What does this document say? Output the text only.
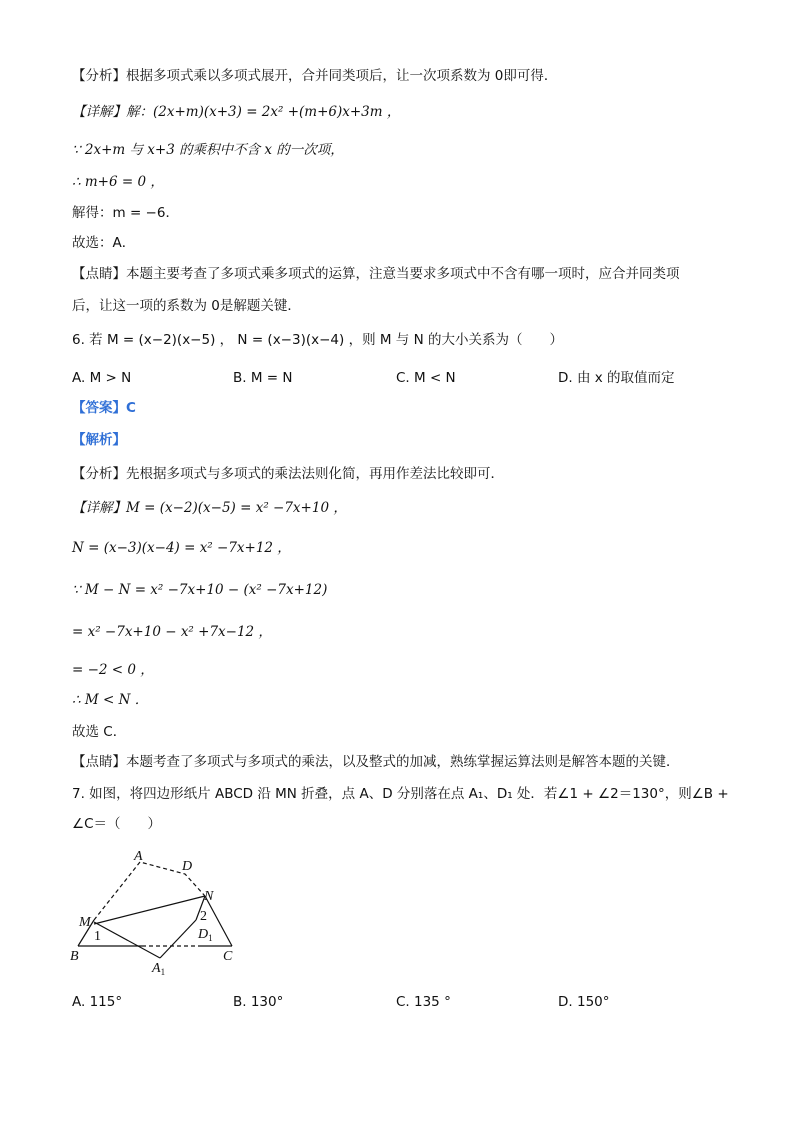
【分析】根据多项式乘以多项式展开，合并同类项后，让一次项系数为 0即可得．
【详解】解：(2x+m)(x+3) = 2x² +(m+6)x+3m ，
∵ 2x+m 与 x+3 的乘积中不含 x 的一次项，
∴ m+6 = 0 ，
解得：m = −6．
故选：A．
【点睛】本题主要考查了多项式乘多项式的运算，注意当要求多项式中不含有哪一项时，应合并同类项
后，让这一项的系数为 0是解题关键．
6. 若 M = (x−2)(x−5) ， N = (x−3)(x−4) ，则 M 与 N 的大小关系为（　　）
A. M > N	B. M = N	C. M < N	D. 由 x 的取值而定
【答案】C
【解析】
【分析】先根据多项式与多项式的乘法法则化简，再用作差法比较即可．
【详解】M = (x−2)(x−5) = x² −7x+10 ，
N = (x−3)(x−4) = x² −7x+12 ，
∵ M − N = x² −7x+10 − (x² −7x+12)
= x² −7x+10 − x² +7x−12 ，
= −2 < 0 ，
∴ M < N ．
故选 C．
【点睛】本题考查了多项式与多项式的乘法，以及整式的加减，熟练掌握运算法则是解答本题的关键．
7. 如图，将四边形纸片 ABCD 沿 MN 折叠，点 A、D 分别落在点 A₁、D₁ 处．若∠1 + ∠2＝130°，则∠B +
∠C＝（　　）
A
D
N
M
B	C
$D_1$
$A_1$
1
2
A. 115°	B. 130°	C. 135 °	D. 150°
